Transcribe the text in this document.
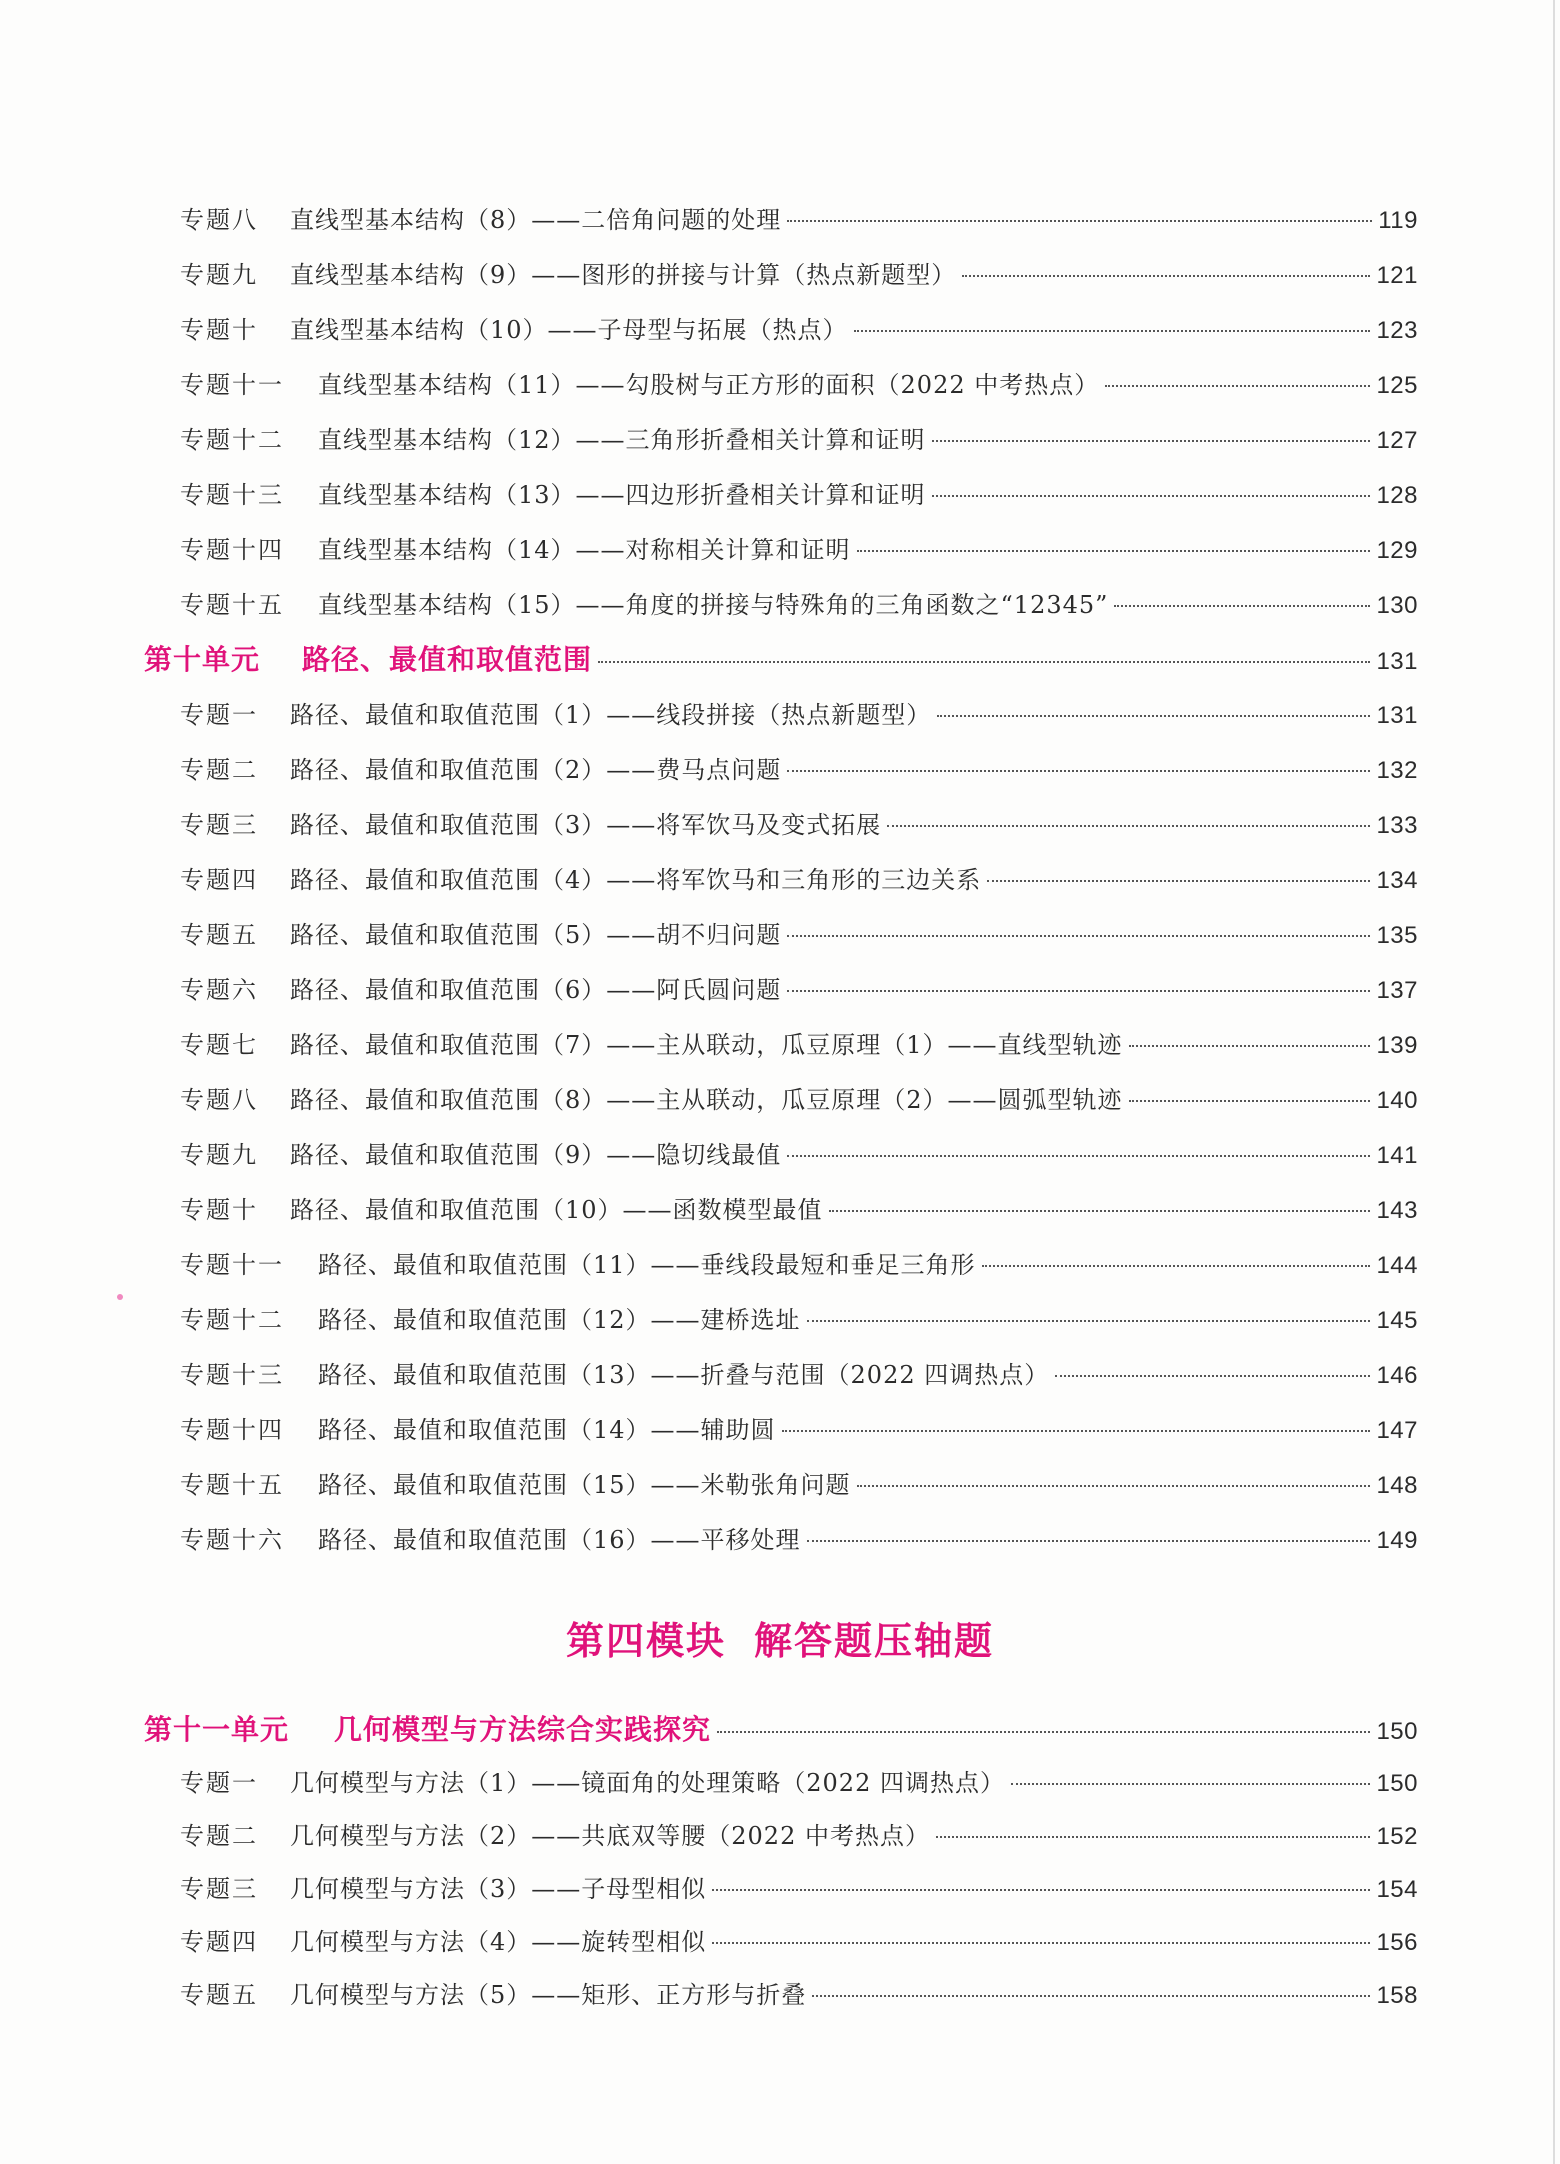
专题八 直线型基本结构（8）——二倍角问题的处理	119
专题九 直线型基本结构（9）——图形的拼接与计算（热点新题型）	121
专题十 直线型基本结构（10）——子母型与拓展（热点）	123
专题十一 直线型基本结构（11）——勾股树与正方形的面积（2022 中考热点）	125
专题十二 直线型基本结构（12）——三角形折叠相关计算和证明	127
专题十三 直线型基本结构（13）——四边形折叠相关计算和证明	128
专题十四 直线型基本结构（14）——对称相关计算和证明	129
专题十五 直线型基本结构（15）——角度的拼接与特殊角的三角函数之“12345”	130
第十单元 路径、最值和取值范围	131
专题一 路径、最值和取值范围（1）——线段拼接（热点新题型）	131
专题二 路径、最值和取值范围（2）——费马点问题	132
专题三 路径、最值和取值范围（3）——将军饮马及变式拓展	133
专题四 路径、最值和取值范围（4）——将军饮马和三角形的三边关系	134
专题五 路径、最值和取值范围（5）——胡不归问题	135
专题六 路径、最值和取值范围（6）——阿氏圆问题	137
专题七 路径、最值和取值范围（7）——主从联动，瓜豆原理（1）——直线型轨迹	139
专题八 路径、最值和取值范围（8）——主从联动，瓜豆原理（2）——圆弧型轨迹	140
专题九 路径、最值和取值范围（9）——隐切线最值	141
专题十 路径、最值和取值范围（10）——函数模型最值	143
专题十一 路径、最值和取值范围（11）——垂线段最短和垂足三角形	144
专题十二 路径、最值和取值范围（12）——建桥选址	145
专题十三 路径、最值和取值范围（13）——折叠与范围（2022 四调热点）	146
专题十四 路径、最值和取值范围（14）——辅助圆	147
专题十五 路径、最值和取值范围（15）——米勒张角问题	148
专题十六 路径、最值和取值范围（16）——平移处理	149
第四模块 解答题压轴题
第十一单元 几何模型与方法综合实践探究	150
专题一 几何模型与方法（1）——镜面角的处理策略（2022 四调热点）	150
专题二 几何模型与方法（2）——共底双等腰（2022 中考热点）	152
专题三 几何模型与方法（3）——子母型相似	154
专题四 几何模型与方法（4）——旋转型相似	156
专题五 几何模型与方法（5）——矩形、正方形与折叠	158
